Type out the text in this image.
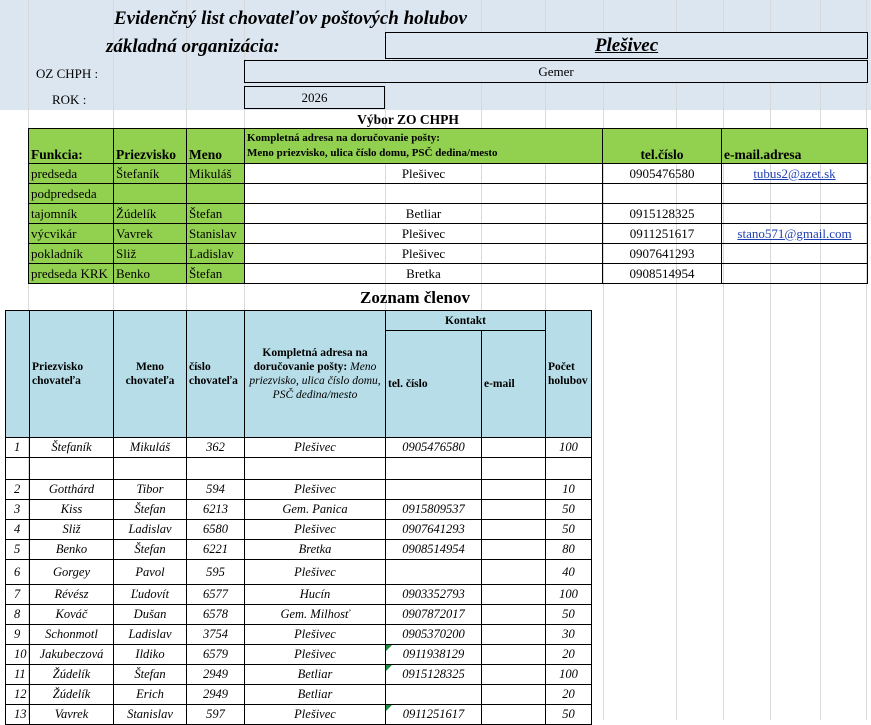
Evidenčný list chovateľov poštových holubov
základná organizácia:	Plešivec
OZ CHPH :	Gemer
ROK :	2026
Výbor ZO CHPH
Funkcia:	Priezvisko	Meno	Kompletná adresa na doručovanie pošty:
Meno priezvisko, ulica číslo domu, PSČ dedina/mesto	tel.číslo	e-mail.adresa
predseda	Štefaník	Mikuláš	Plešivec	0905476580	tubus2@azet.sk
podpredseda					
tajomník	Žúdelík	Štefan	Betliar	0915128325	
výcvikár	Vavrek	Stanislav	Plešivec	0911251617	stano571@gmail.com
pokladník	Sliž	Ladislav	Plešivec	0907641293	
predseda KRK	Benko	Štefan	Bretka	0908514954	
Zoznam členov
	Priezvisko chovateľa	Meno chovateľa	číslo chovateľa	Kompletná adresa na doručovanie pošty: Meno priezvisko, ulica číslo domu, PSČ dedina/mesto	Kontakt		Počet holubov
					tel. číslo	e-mail	
1	Štefaník	Mikuláš	362	Plešivec	0905476580		100

2	Gotthárd	Tibor	594	Plešivec			10
3	Kiss	Štefan	6213	Gem. Panica	0915809537		50
4	Sliž	Ladislav	6580	Plešivec	0907641293		50
5	Benko	Štefan	6221	Bretka	0908514954		80
6	Gorgey	Pavol	595	Plešivec			40
7	Révész	Ľudovít	6577	Hucín	0903352793		100
8	Kováč	Dušan	6578	Gem. Milhosť	0907872017		50
9	Schonmotl	Ladislav	3754	Plešivec	0905370200		30
10	Jakubeczová	Ildiko	6579	Plešivec	0911938129		20
11	Žúdelík	Štefan	2949	Betliar	0915128325		100
12	Žúdelík	Erich	2949	Betliar			20
13	Vavrek	Stanislav	597	Plešivec	0911251617		50
